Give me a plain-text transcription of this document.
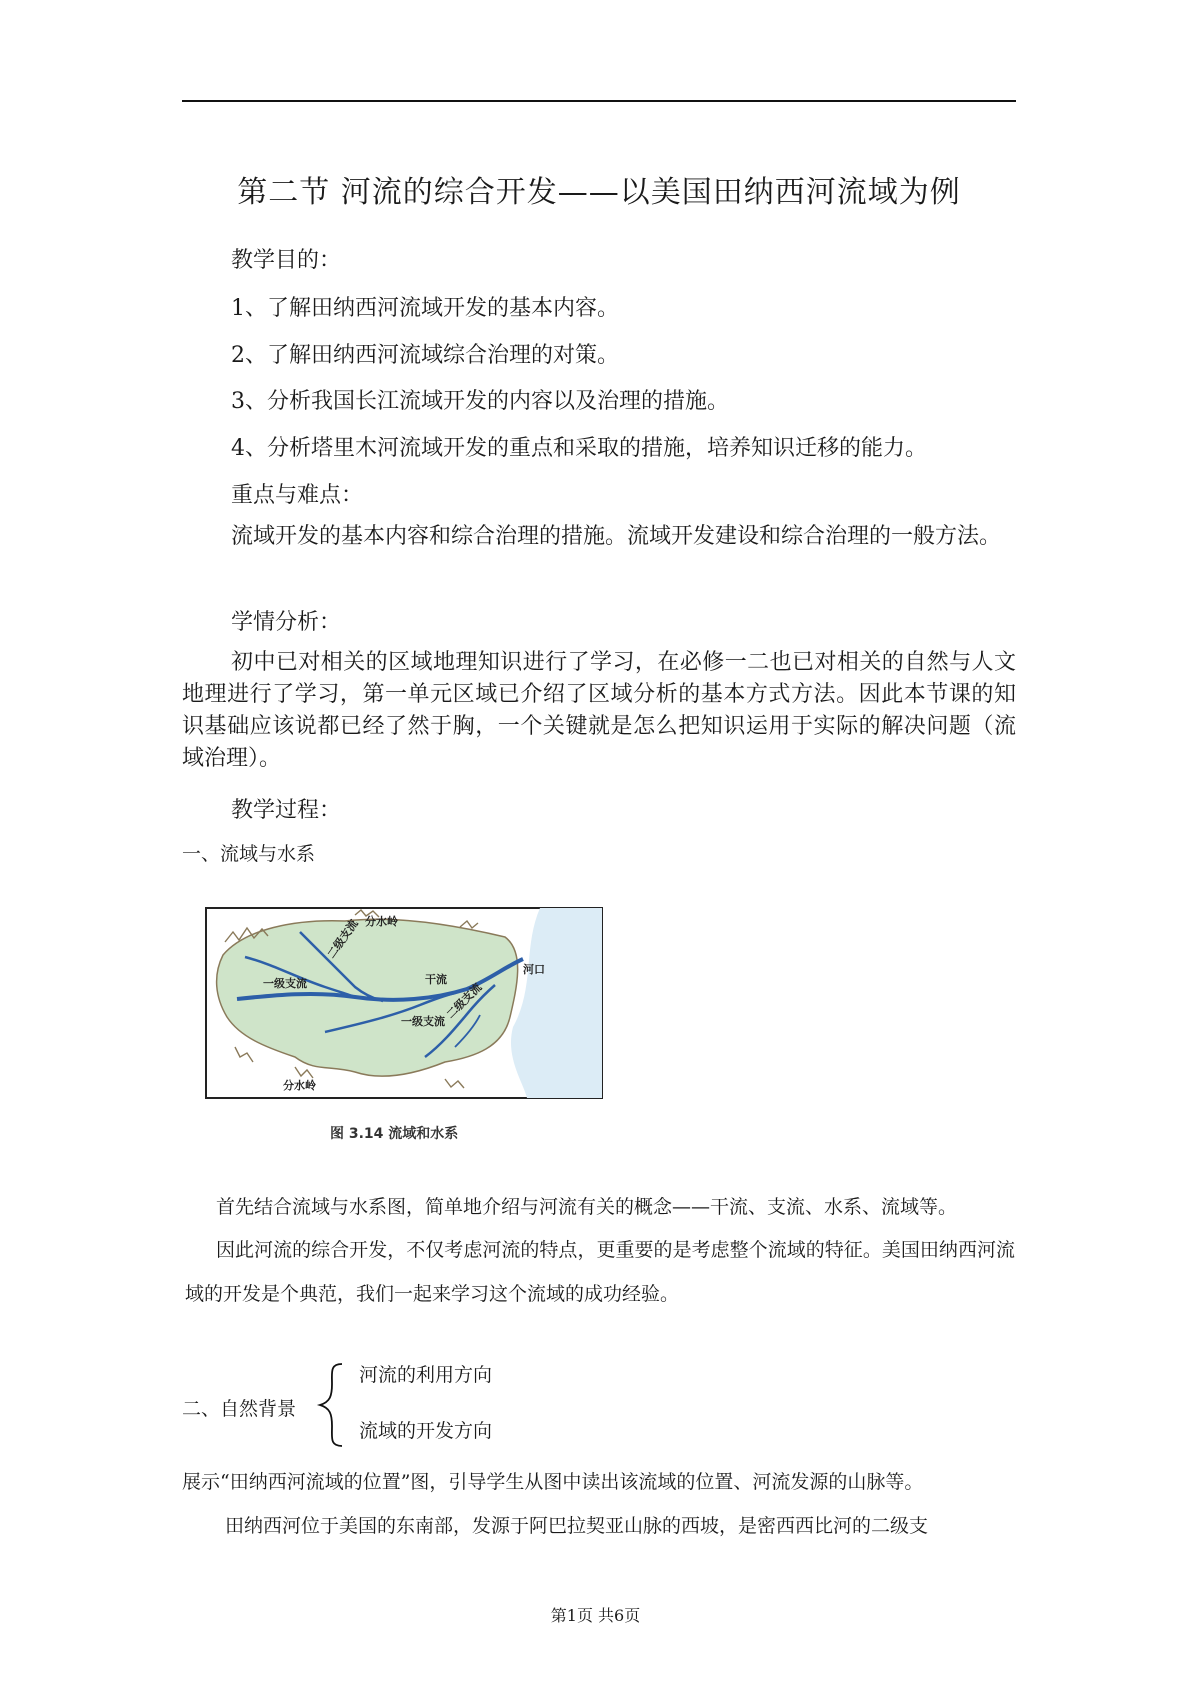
第二节 河流的综合开发——以美国田纳西河流域为例
教学目的：
1、了解田纳西河流域开发的基本内容。
2、了解田纳西河流域综合治理的对策。
3、分析我国长江流域开发的内容以及治理的措施。
4、分析塔里木河流域开发的重点和采取的措施，培养知识迁移的能力。
重点与难点：
流域开发的基本内容和综合治理的措施。流域开发建设和综合治理的一般方法。
学情分析：
初中已对相关的区域地理知识进行了学习，在必修一二也已对相关的自然与人文地理进行了学习，第一单元区域已介绍了区域分析的基本方式方法。因此本节课的知识基础应该说都已经了然于胸，一个关键就是怎么把知识运用于实际的解决问题（流域治理）。
教学过程：
一、流域与水系
分水岭
一级支流
二级支流
干流
一级支流
二级支流
河口
分水岭
图 3.14 流域和水系
首先结合流域与水系图，简单地介绍与河流有关的概念——干流、支流、水系、流域等。
因此河流的综合开发，不仅考虑河流的特点，更重要的是考虑整个流域的特征。美国田纳西河流域的开发是个典范，我们一起来学习这个流域的成功经验。
二、自然背景
河流的利用方向
流域的开发方向
展示“田纳西河流域的位置”图，引导学生从图中读出该流域的位置、河流发源的山脉等。
田纳西河位于美国的东南部，发源于阿巴拉契亚山脉的西坡，是密西西比河的二级支
第1页 共6页
